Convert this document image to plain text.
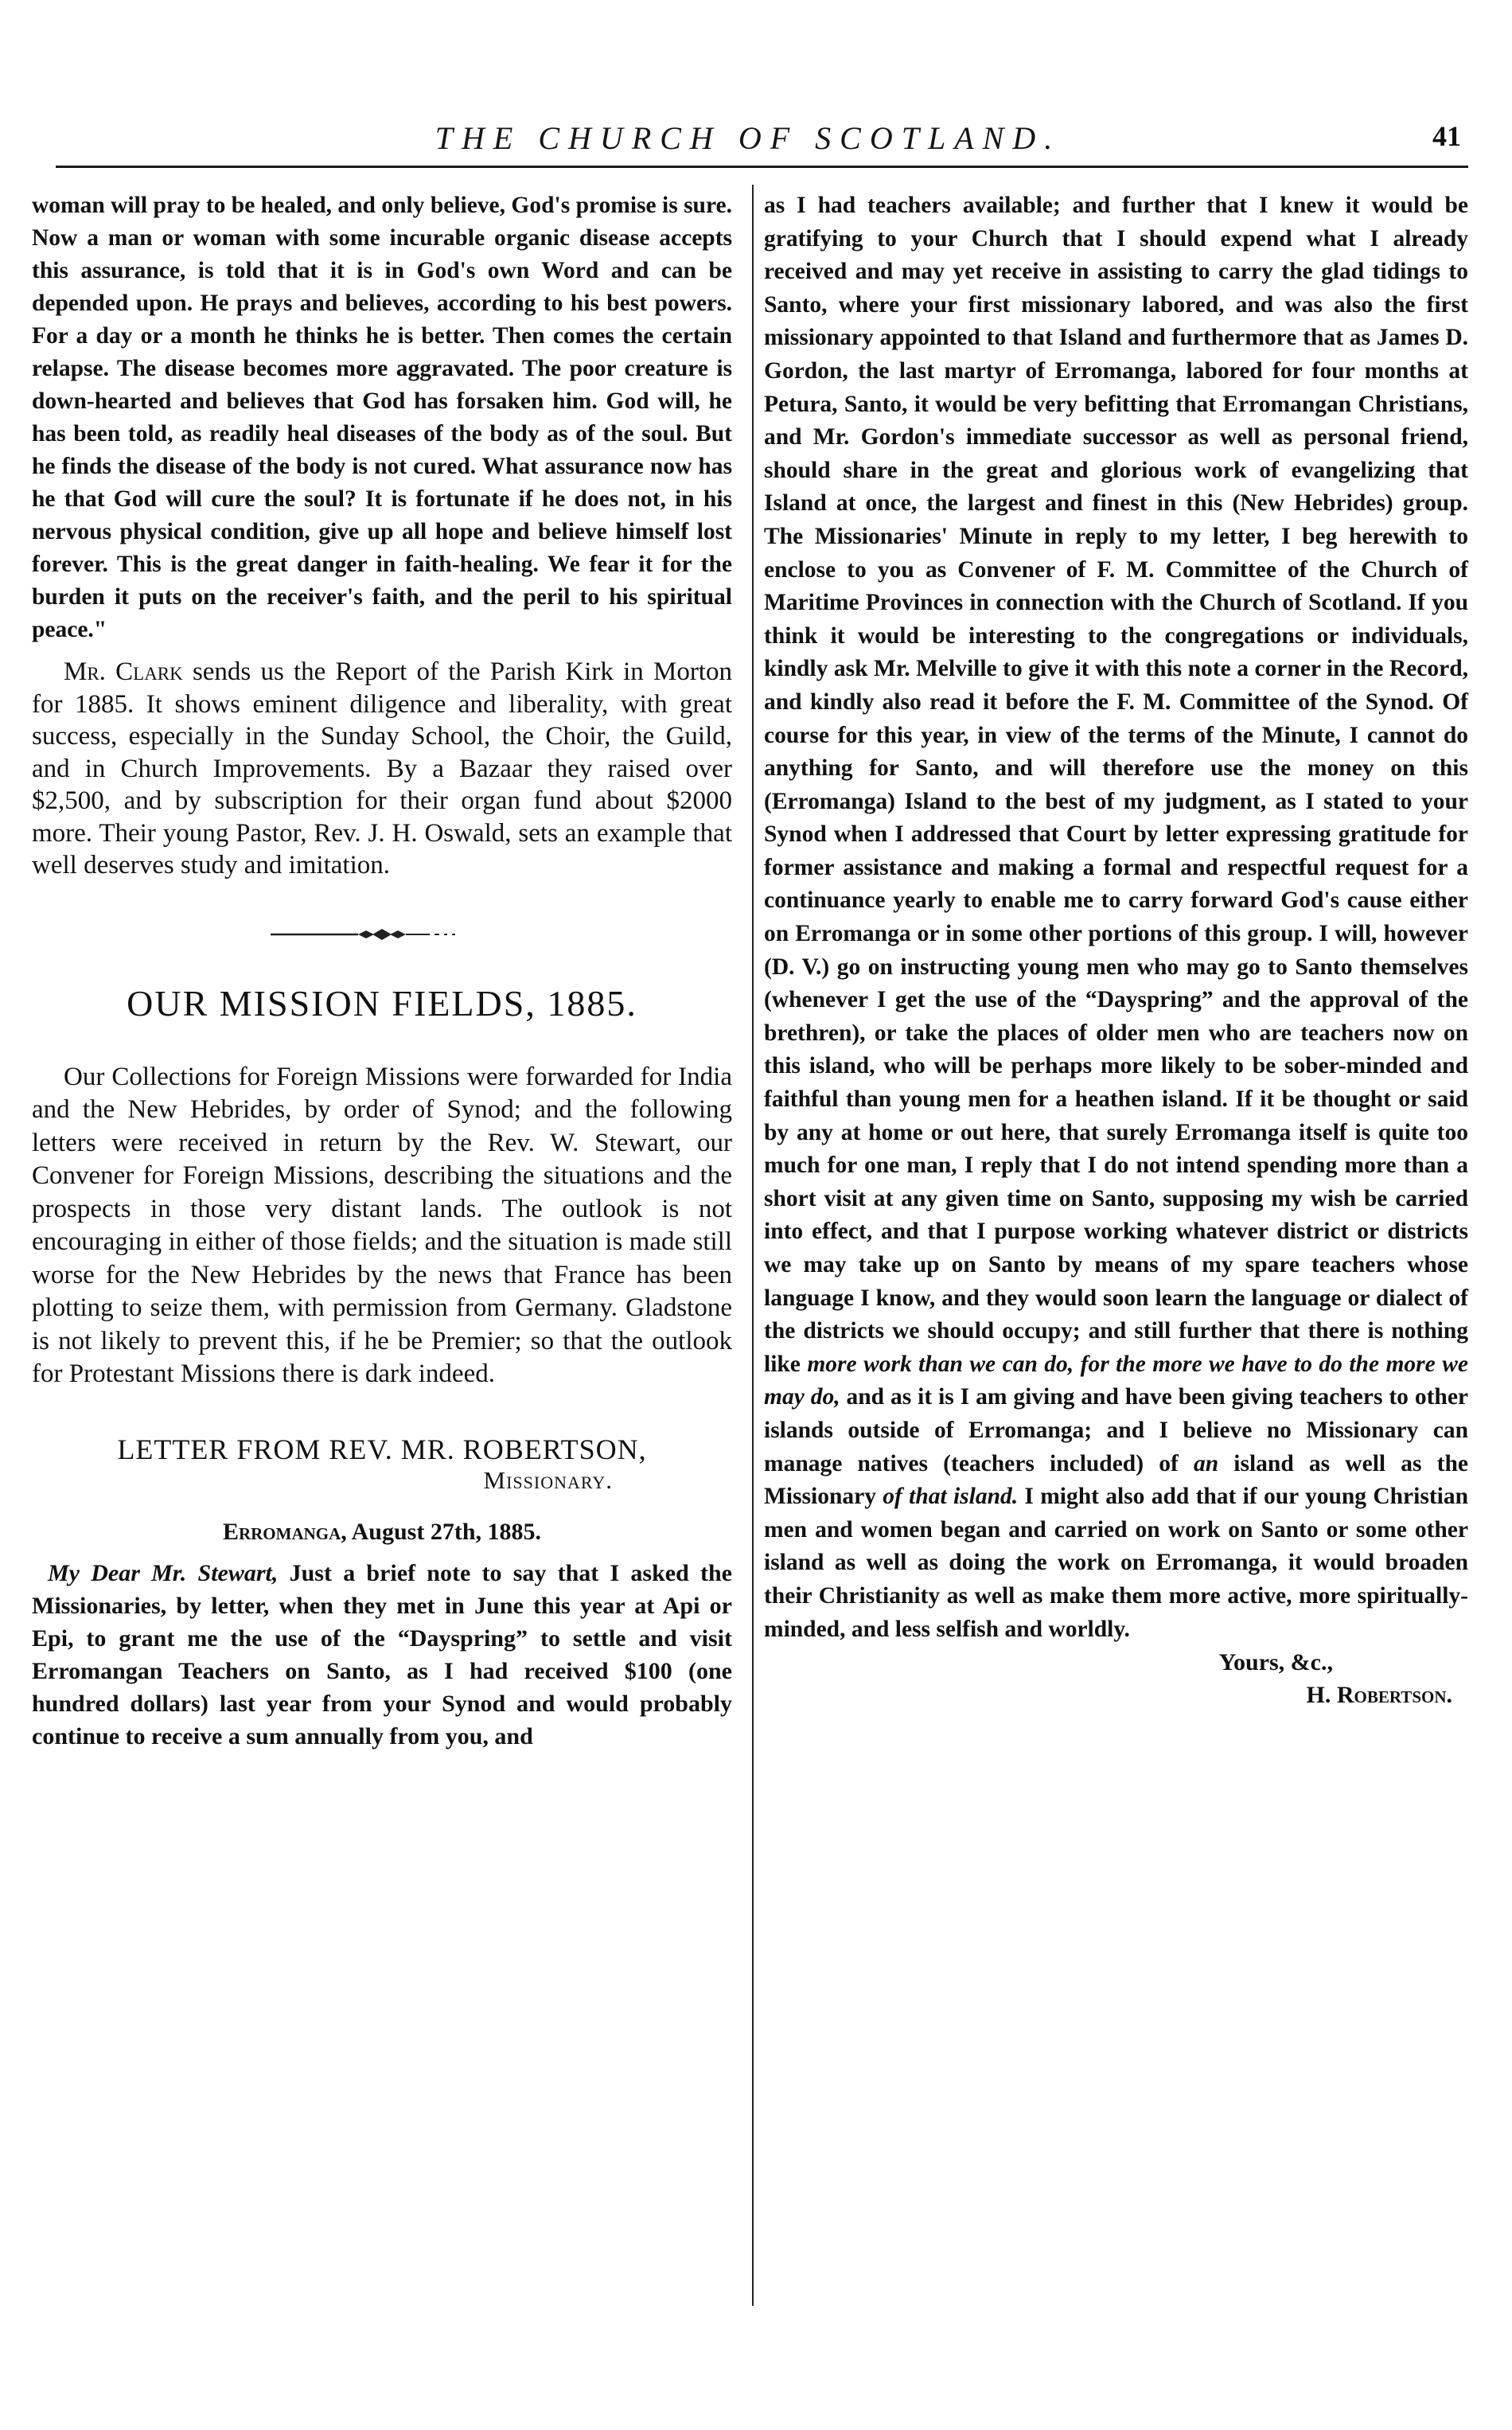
THE CHURCH OF SCOTLAND.	41

woman will pray to be healed, and only believe, God's promise is sure. Now a man or woman with some incurable organic disease accepts this assurance, is told that it is in God's own Word and can be depended upon. He prays and believes, according to his best powers. For a day or a month he thinks he is better. Then comes the certain relapse. The disease becomes more aggravated. The poor creature is down-hearted and believes that God has forsaken him. God will, he has been told, as readily heal diseases of the body as of the soul. But he finds the disease of the body is not cured. What assurance now has he that God will cure the soul? It is fortunate if he does not, in his nervous physical condition, give up all hope and believe himself lost forever. This is the great danger in faith-healing. We fear it for the burden it puts on the receiver's faith, and the peril to his spiritual peace."

Mr. Clark sends us the Report of the Parish Kirk in Morton for 1885. It shows eminent diligence and liberality, with great success, especially in the Sunday School, the Choir, the Guild, and in Church Improvements. By a Bazaar they raised over $2,500, and by subscription for their organ fund about $2000 more. Their young Pastor, Rev. J. H. Oswald, sets an example that well deserves study and imitation.

OUR MISSION FIELDS, 1885.

Our Collections for Foreign Missions were forwarded for India and the New Hebrides, by order of Synod; and the following letters were received in return by the Rev. W. Stewart, our Convener for Foreign Missions, describing the situations and the prospects in those very distant lands. The outlook is not encouraging in either of those fields; and the situation is made still worse for the New Hebrides by the news that France has been plotting to seize them, with permission from Germany. Gladstone is not likely to prevent this, if he be Premier; so that the outlook for Protestant Missions there is dark indeed.

LETTER FROM REV. MR. ROBERTSON,
Missionary.
Erromanga, August 27th, 1885.

My Dear Mr. Stewart, Just a brief note to say that I asked the Missionaries, by letter, when they met in June this year at Api or Epi, to grant me the use of the “Dayspring” to settle and visit Erromangan Teachers on Santo, as I had received $100 (one hundred dollars) last year from your Synod and would probably continue to receive a sum annually from you, and

as I had teachers available; and further that I knew it would be gratifying to your Church that I should expend what I already received and may yet receive in assisting to carry the glad tidings to Santo, where your first missionary labored, and was also the first missionary appointed to that Island and furthermore that as James D. Gordon, the last martyr of Erromanga, labored for four months at Petura, Santo, it would be very befitting that Erromangan Christians, and Mr. Gordon's immediate successor as well as personal friend, should share in the great and glorious work of evangelizing that Island at once, the largest and finest in this (New Hebrides) group. The Missionaries' Minute in reply to my letter, I beg herewith to enclose to you as Convener of F. M. Committee of the Church of Maritime Provinces in connection with the Church of Scotland. If you think it would be interesting to the congregations or individuals, kindly ask Mr. Melville to give it with this note a corner in the Record, and kindly also read it before the F. M. Committee of the Synod. Of course for this year, in view of the terms of the Minute, I cannot do anything for Santo, and will therefore use the money on this (Erromanga) Island to the best of my judgment, as I stated to your Synod when I addressed that Court by letter expressing gratitude for former assistance and making a formal and respectful request for a continuance yearly to enable me to carry forward God's cause either on Erromanga or in some other portions of this group. I will, however (D. V.) go on instructing young men who may go to Santo themselves (whenever I get the use of the “Dayspring” and the approval of the brethren), or take the places of older men who are teachers now on this island, who will be perhaps more likely to be sober-minded and faithful than young men for a heathen island. If it be thought or said by any at home or out here, that surely Erromanga itself is quite too much for one man, I reply that I do not intend spending more than a short visit at any given time on Santo, supposing my wish be carried into effect, and that I purpose working whatever district or districts we may take up on Santo by means of my spare teachers whose language I know, and they would soon learn the language or dialect of the districts we should occupy; and still further that there is nothing like more work than we can do, for the more we have to do the more we may do, and as it is I am giving and have been giving teachers to other islands outside of Erromanga; and I believe no Missionary can manage natives (teachers included) of an island as well as the Missionary of that island. I might also add that if our young Christian men and women began and carried on work on Santo or some other island as well as doing the work on Erromanga, it would broaden their Christianity as well as make them more active, more spiritually-minded, and less selfish and worldly.

Yours, &c.,
H. Robertson.
